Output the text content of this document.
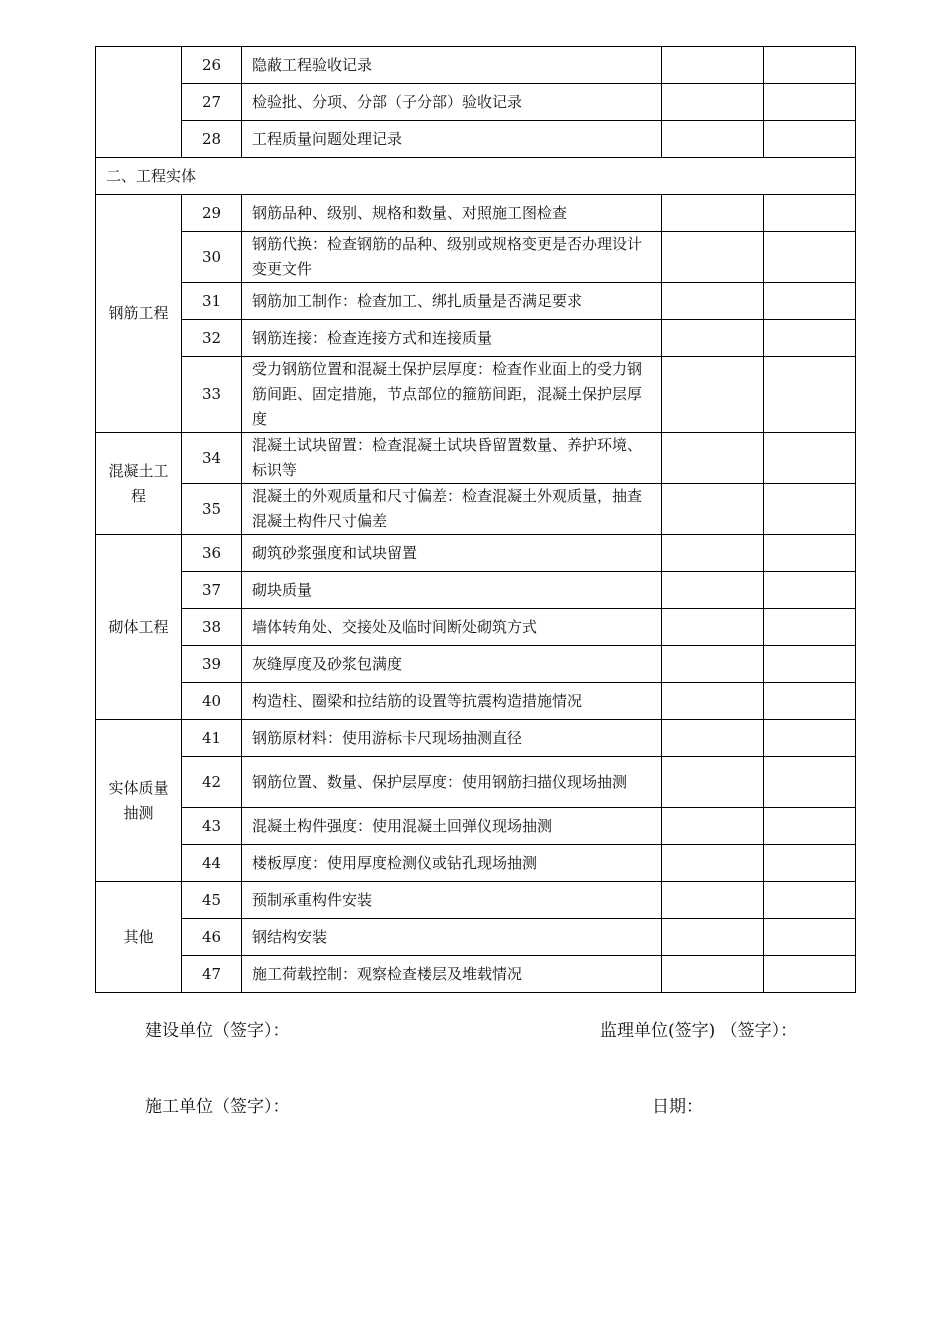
	26	隐蔽工程验收记录		
	27	检验批、分项、分部（子分部）验收记录		
	28	工程质量问题处理记录		
二、工程实体				
钢筋工程	29	钢筋品种、级别、规格和数量、对照施工图检查		
	30	钢筋代换：检查钢筋的品种、级别或规格变更是否办理设计变更文件		
	31	钢筋加工制作：检查加工、绑扎质量是否满足要求		
	32	钢筋连接：检查连接方式和连接质量		
	33	受力钢筋位置和混凝土保护层厚度：检查作业面上的受力钢筋间距、固定措施，节点部位的箍筋间距，混凝土保护层厚度		
混凝土工程	34	混凝土试块留置：检查混凝土试块昏留置数量、养护环境、标识等		
	35	混凝土的外观质量和尺寸偏差：检查混凝土外观质量，抽查混凝土构件尺寸偏差		
砌体工程	36	砌筑砂浆强度和试块留置		
	37	砌块质量		
	38	墙体转角处、交接处及临时间断处砌筑方式		
	39	灰缝厚度及砂浆包满度		
	40	构造柱、圈梁和拉结筋的设置等抗震构造措施情况		
实体质量抽测	41	钢筋原材料：使用游标卡尺现场抽测直径		
	42	钢筋位置、数量、保护层厚度：使用钢筋扫描仪现场抽测		
	43	混凝土构件强度：使用混凝土回弹仪现场抽测		
	44	楼板厚度：使用厚度检测仪或钻孔现场抽测		
其他	45	预制承重构件安装		
	46	钢结构安装		
	47	施工荷载控制：观察检查楼层及堆载情况		
建设单位（签字）：	监理单位(签字) （签字）：
施工单位（签字）：	日期：
